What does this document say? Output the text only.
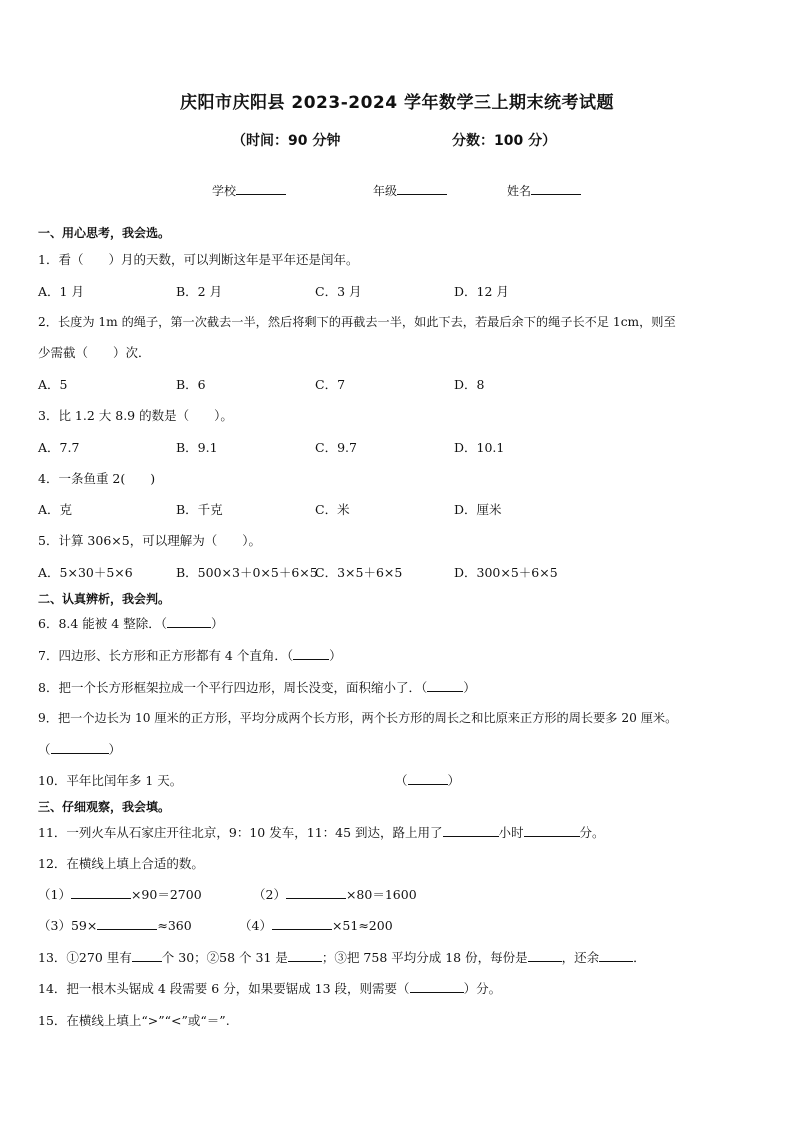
庆阳市庆阳县 2023-2024 学年数学三上期末统考试题
（时间：90 分钟	分数：100 分）
学校	年级	姓名
一、用心思考，我会选。
1．看（　　）月的天数，可以判断这年是平年还是闰年。
A．1 月	B．2 月	C．3 月	D．12 月
2．长度为 1m 的绳子，第一次截去一半，然后将剩下的再截去一半，如此下去，若最后余下的绳子长不足 1cm，则至
少需截（　　）次．
A．5	B．6	C．7	D．8
3．比 1.2 大 8.9 的数是（　　）。
A．7.7	B．9.1	C．9.7	D．10.1
4．一条鱼重 2(　　)
A．克	B．千克	C．米	D．厘米
5．计算 306×5，可以理解为（　　）。
A．5×30＋5×6	B．500×3＋0×5＋6×5
C．3×5＋6×5	D．300×5＋6×5
二、认真辨析，我会判。
6．8.4 能被 4 整除．（	）
7．四边形、长方形和正方形都有 4 个直角．（	）
8．把一个长方形框架拉成一个平行四边形，周长没变，面积缩小了．（	）
9．把一个边长为 10 厘米的正方形，平均分成两个长方形，两个长方形的周长之和比原来正方形的周长要多 20 厘米。
（	）
10．平年比闰年多 1 天。	（	）
三、仔细观察，我会填。
11．一列火车从石家庄开往北京，9：10 发车，11：45 到达，路上用了	小时	分。
12．在横线上填上合适的数。
（1）	×90＝2700	（2）	×80＝1600
（3）59×	≈360	（4）	×51≈200
13．①270 里有 个 30；②58 个 31 是	；③把 758 平均分成 18 份，每份是	，还余	．
14．把一根木头锯成 4 段需要 6 分，如果要锯成 13 段，则需要（	）分。
15．在横线上填上“>”“<”或“＝”.
